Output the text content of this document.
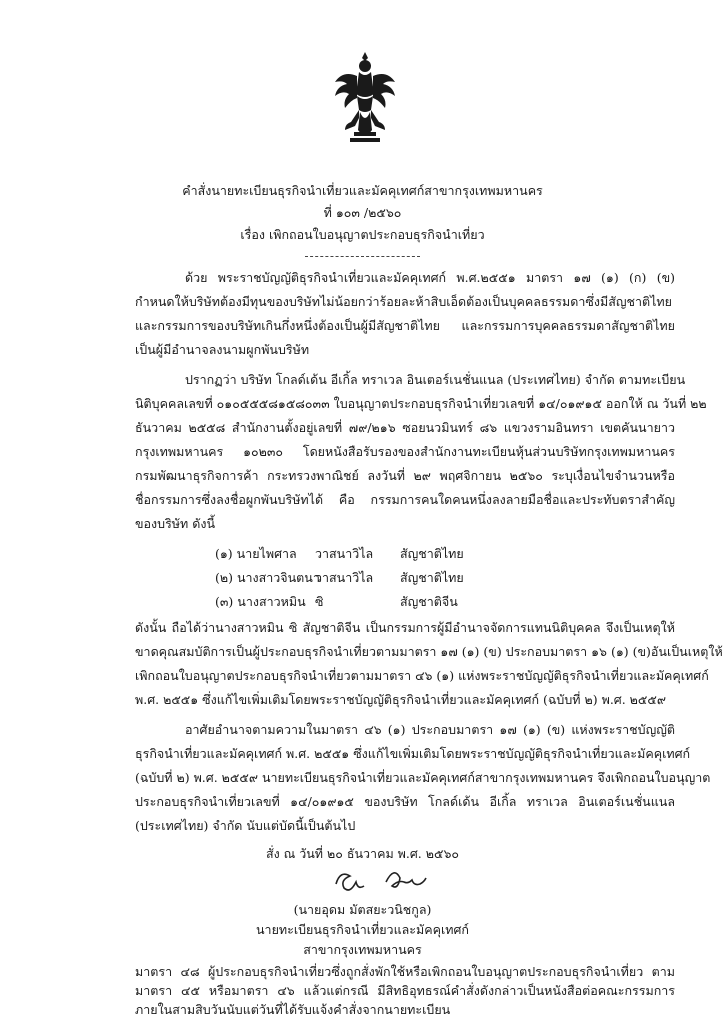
คำสั่งนายทะเบียนธุรกิจนำเที่ยวและมัคคุเทศก์สาขากรุงเทพมหานคร
ที่ ๑๐๓ /๒๕๖๐
เรื่อง เพิกถอนใบอนุญาตประกอบธุรกิจนำเที่ยว
ด้วย พระราชบัญญัติธุรกิจนำเที่ยวและมัคคุเทศก์ พ.ศ.๒๕๕๑ มาตรา ๑๗ (๑) (ก) (ข)
กำหนดให้บริษัทต้องมีทุนของบริษัทไม่น้อยกว่าร้อยละห้าสิบเอ็ดต้องเป็นบุคคลธรรมดาซึ่งมีสัญชาติไทย
และกรรมการของบริษัทเกินกึ่งหนึ่งต้องเป็นผู้มีสัญชาติไทย และกรรมการบุคคลธรรมดาสัญชาติไทย
เป็นผู้มีอำนาจลงนามผูกพันบริษัท
ปรากฏว่า บริษัท โกลด์เด้น อีเกิ้ล ทราเวล อินเตอร์เนชั่นแนล (ประเทศไทย) จำกัด ตามทะเบียน
นิติบุคคลเลขที่ ๐๑๐๕๕๕๘๑๕๘๐๓๓ ใบอนุญาตประกอบธุรกิจนำเที่ยวเลขที่ ๑๔/๐๑๙๑๕ ออกให้ ณ วันที่ ๒๒
ธันวาคม ๒๕๕๘ สำนักงานตั้งอยู่เลขที่ ๗๙/๒๑๖ ซอยนวมินทร์ ๘๖ แขวงรามอินทรา เขตคันนายาว
กรุงเทพมหานคร ๑๐๒๓๐ โดยหนังสือรับรองของสำนักงานทะเบียนหุ้นส่วนบริษัทกรุงเทพมหานคร
กรมพัฒนาธุรกิจการค้า กระทรวงพาณิชย์ ลงวันที่ ๒๙ พฤศจิกายน ๒๕๖๐ ระบุเงื่อนไขจำนวนหรือ
ชื่อกรรมการซึ่งลงชื่อผูกพันบริษัทได้ คือ กรรมการคนใดคนหนึ่งลงลายมือชื่อและประทับตราสำคัญ
ของบริษัท ดังนี้
(๑) นายไพศาล วาสนาวิไล สัญชาติไทย
(๒) นางสาวจินตนาวาสนาวิไล สัญชาติไทย
(๓) นางสาวหมิน ซิ	สัญชาติจีน
ดังนั้น ถือได้ว่านางสาวหมิน ซิ สัญชาติจีน เป็นกรรมการผู้มีอำนาจจัดการแทนนิติบุคคล จึงเป็นเหตุให้
ขาดคุณสมบัติการเป็นผู้ประกอบธุรกิจนำเที่ยวตามมาตรา ๑๗ (๑) (ข) ประกอบมาตรา ๑๖ (๑) (ข)อันเป็นเหตุให้
เพิกถอนใบอนุญาตประกอบธุรกิจนำเที่ยวตามมาตรา ๔๖ (๑) แห่งพระราชบัญญัติธุรกิจนำเที่ยวและมัคคุเทศก์
พ.ศ. ๒๕๕๑ ซึ่งแก้ไขเพิ่มเติมโดยพระราชบัญญัติธุรกิจนำเที่ยวและมัคคุเทศก์ (ฉบับที่ ๒) พ.ศ. ๒๕๕๙
อาศัยอำนาจตามความในมาตรา ๔๖ (๑) ประกอบมาตรา ๑๗ (๑) (ข) แห่งพระราชบัญญัติ
ธุรกิจนำเที่ยวและมัคคุเทศก์ พ.ศ. ๒๕๕๑ ซึ่งแก้ไขเพิ่มเติมโดยพระราชบัญญัติธุรกิจนำเที่ยวและมัคคุเทศก์
(ฉบับที่ ๒) พ.ศ. ๒๕๕๙ นายทะเบียนธุรกิจนำเที่ยวและมัคคุเทศก์สาขากรุงเทพมหานคร จึงเพิกถอนใบอนุญาต
ประกอบธุรกิจนำเที่ยวเลขที่ ๑๔/๐๑๙๑๕ ของบริษัท โกลด์เด้น อีเกิ้ล ทราเวล อินเตอร์เนชั่นแนล
(ประเทศไทย) จำกัด นับแต่บัดนี้เป็นต้นไป
สั่ง ณ วันที่ ๒๐ ธันวาคม พ.ศ. ๒๕๖๐
(นายอุดม มัตสยะวนิชกูล)
นายทะเบียนธุรกิจนำเที่ยวและมัคคุเทศก์
สาขากรุงเทพมหานคร
มาตรา ๔๘ ผู้ประกอบธุรกิจนำเที่ยวซึ่งถูกสั่งพักใช้หรือเพิกถอนใบอนุญาตประกอบธุรกิจนำเที่ยว ตามมาตรา ๔๕ หรือมาตรา ๔๖ แล้วแต่กรณี มีสิทธิอุทธรณ์คำสั่งดังกล่าวเป็นหนังสือต่อคณะกรรมการภายในสามสิบวันนับแต่วันที่ได้รับแจ้งคำสั่งจากนายทะเบียน
